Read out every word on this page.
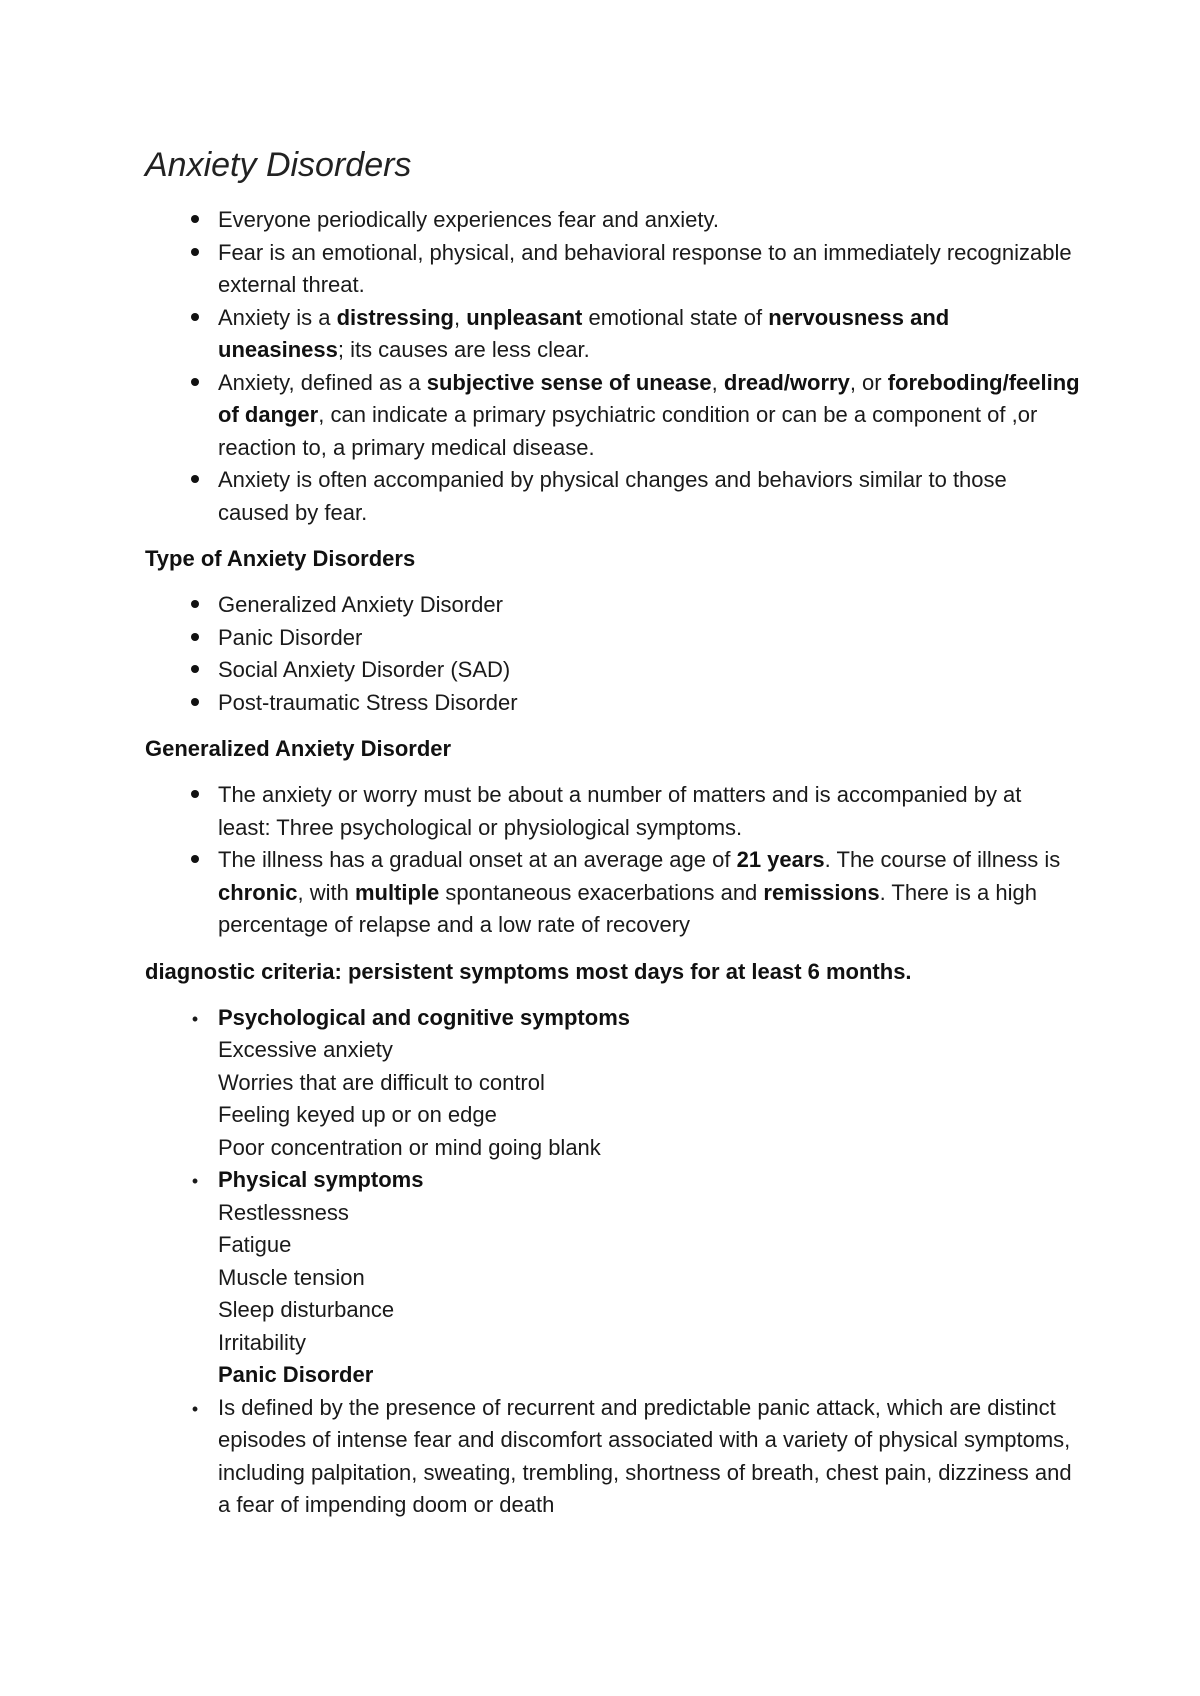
Anxiety Disorders
Everyone periodically experiences fear and anxiety.
Fear is an emotional, physical, and behavioral response to an immediately recognizable external threat.
Anxiety is a distressing, unpleasant emotional state of nervousness and uneasiness; its causes are less clear.
Anxiety, defined as a subjective sense of unease, dread/worry, or foreboding/feeling of danger, can indicate a primary psychiatric condition or can be a component of ,or reaction to, a primary medical disease.
Anxiety is often accompanied by physical changes and behaviors similar to those caused by fear.
Type of Anxiety Disorders
Generalized Anxiety Disorder
Panic Disorder
Social Anxiety Disorder (SAD)
Post-traumatic Stress Disorder
Generalized Anxiety Disorder
The anxiety or worry must be about a number of matters and is accompanied by at least: Three psychological or physiological symptoms.
The illness has a gradual onset at an average age of 21 years. The course of illness is chronic, with multiple spontaneous exacerbations and remissions. There is a high percentage of relapse and a low rate of recovery
diagnostic criteria: persistent symptoms most days for at least 6 months.
•
Psychological and cognitive symptoms
Excessive anxiety
Worries that are difficult to control
Feeling keyed up or on edge
Poor concentration or mind going blank
•
Physical symptoms
Restlessness
Fatigue
Muscle tension
Sleep disturbance
Irritability
Panic Disorder
•
Is defined by the presence of recurrent and predictable panic attack, which are distinct episodes of intense fear and discomfort associated with a variety of physical symptoms, including palpitation, sweating, trembling, shortness of breath, chest pain, dizziness and a fear of impending doom or death
